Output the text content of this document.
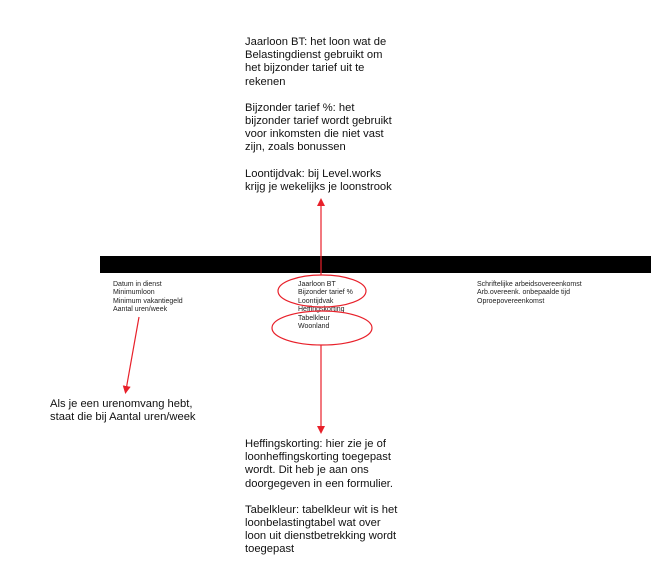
Jaarloon BT: het loon wat de
Belastingdienst gebruikt om
het bijzonder tarief uit te
rekenen

Bijzonder tarief %: het
bijzonder tarief wordt gebruikt
voor inkomsten die niet vast
zijn, zoals bonussen

Loontijdvak: bij Level.works
krijg je wekelijks je loonstrook

Datum in dienst
Minimumloon
Minimum vakantiegeld
Aantal uren/week
Jaarloon BT
Bijzonder tarief %
Loontijdvak
Heffingskorting
Tabelkleur
Woonland
Schriftelijke arbeidsovereenkomst
Arb.overeenk. onbepaalde tijd
Oproepovereenkomst

Als je een urenomvang hebt,
staat die bij Aantal uren/week

Heffingskorting: hier zie je of
loonheffingskorting toegepast
wordt. Dit heb je aan ons
doorgegeven in een formulier.

Tabelkleur: tabelkleur wit is het
loonbelastingtabel wat over
loon uit dienstbetrekking wordt
toegepast
